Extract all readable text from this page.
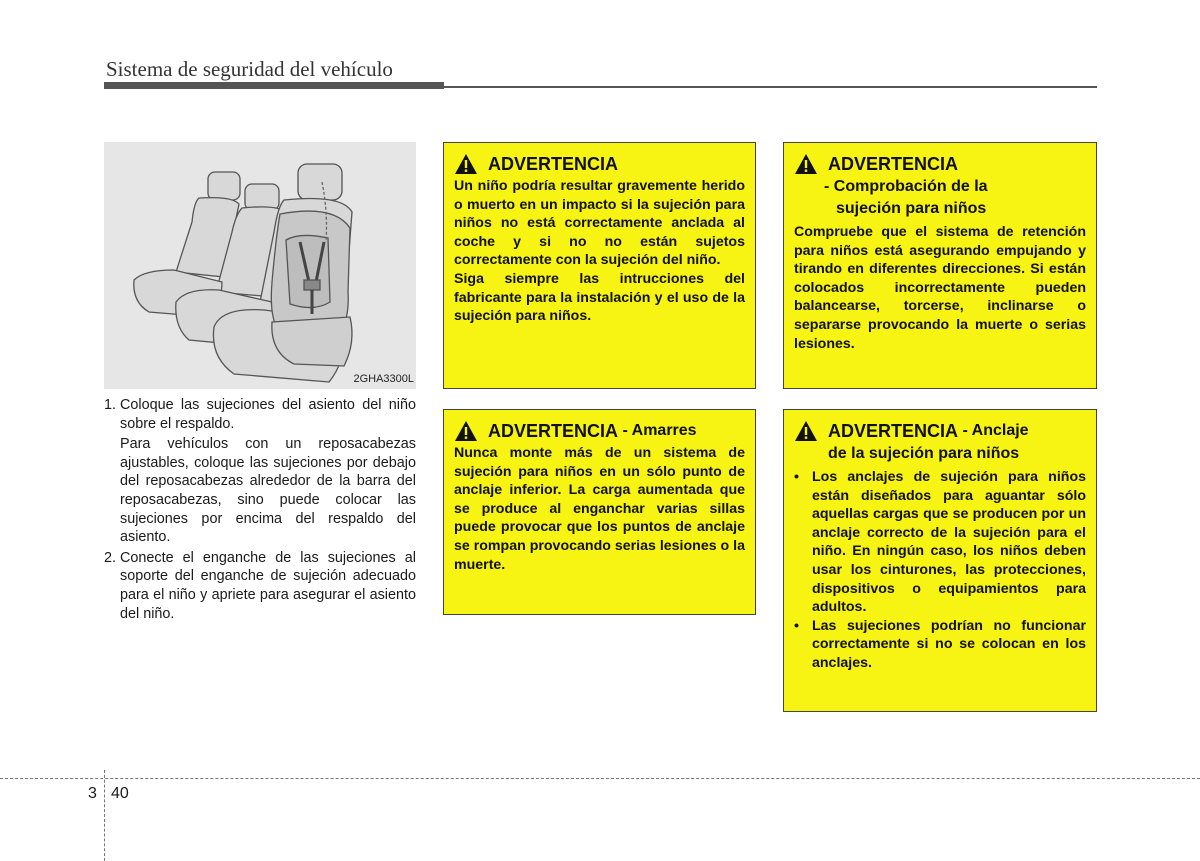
Sistema de seguridad del vehículo
2GHA3300L
1. Coloque las sujeciones del asiento del niño sobre el respaldo.

Para vehículos con un reposacabezas ajustables, coloque las sujeciones por debajo del reposacabezas alrededor de la barra del reposacabezas, sino puede colocar las sujeciones por encima del respaldo del asiento.

2. Conecte el enganche de las sujeciones al soporte del enganche de sujeción adecuado para el niño y apriete para asegurar el asiento del niño.

ADVERTENCIA

Un niño podría resultar gravemente herido o muerto en un impacto si la sujeción para niños no está correctamente anclada al coche y si no no están sujetos correctamente con la sujeción del niño.

Siga siempre las intrucciones del fabricante para la instalación y el uso de la sujeción para niños.

ADVERTENCIA
- Comprobación de la
sujeción para niños

Compruebe que el sistema de retención para niños está asegurando empujando y tirando en diferentes direcciones. Si están colocados incorrectamente pueden balancearse, torcerse, inclinarse o separarse provocando la muerte o serias lesiones.

ADVERTENCIA - Amarres

Nunca monte más de un sistema de sujeción para niños en un sólo punto de anclaje inferior. La carga aumentada que se produce al enganchar varias sillas puede provocar que los puntos de anclaje se rompan provocando serias lesiones o la muerte.

ADVERTENCIA - Anclaje
de la sujeción para niños
• Los anclajes de sujeción para niños están diseñados para aguantar sólo aquellas cargas que se producen por un anclaje correcto de la sujeción para el niño. En ningún caso, los niños deben usar los cinturones, las protecciones, dispositivos o equipamientos para adultos.
• Las sujeciones podrían no funcionar correctamente si no se colocan en los anclajes.
3 40
